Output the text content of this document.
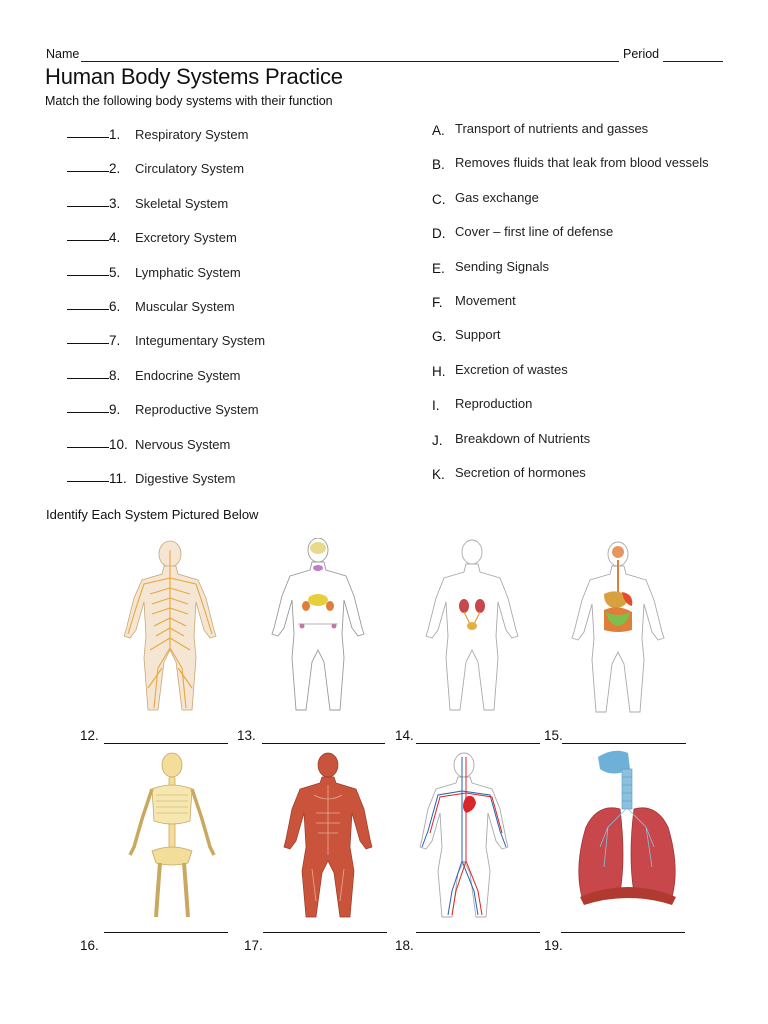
Name	Period
Human Body Systems Practice
Match the following body systems with their function
1. Respiratory System
2. Circulatory System
3. Skeletal System
4. Excretory System
5. Lymphatic System
6. Muscular System
7. Integumentary System
8. Endocrine System
9. Reproductive System
10. Nervous System
11. Digestive System
A. Transport of nutrients and gasses
B. Removes fluids that leak from blood vessels
C. Gas exchange
D. Cover – first line of defense
E. Sending Signals
F. Movement
G. Support
H. Excretion of wastes
I. Reproduction
J. Breakdown of Nutrients
K. Secretion of hormones
Identify Each System Pictured Below
12.	13.	14.	15.
16.	17.	18.	19.
